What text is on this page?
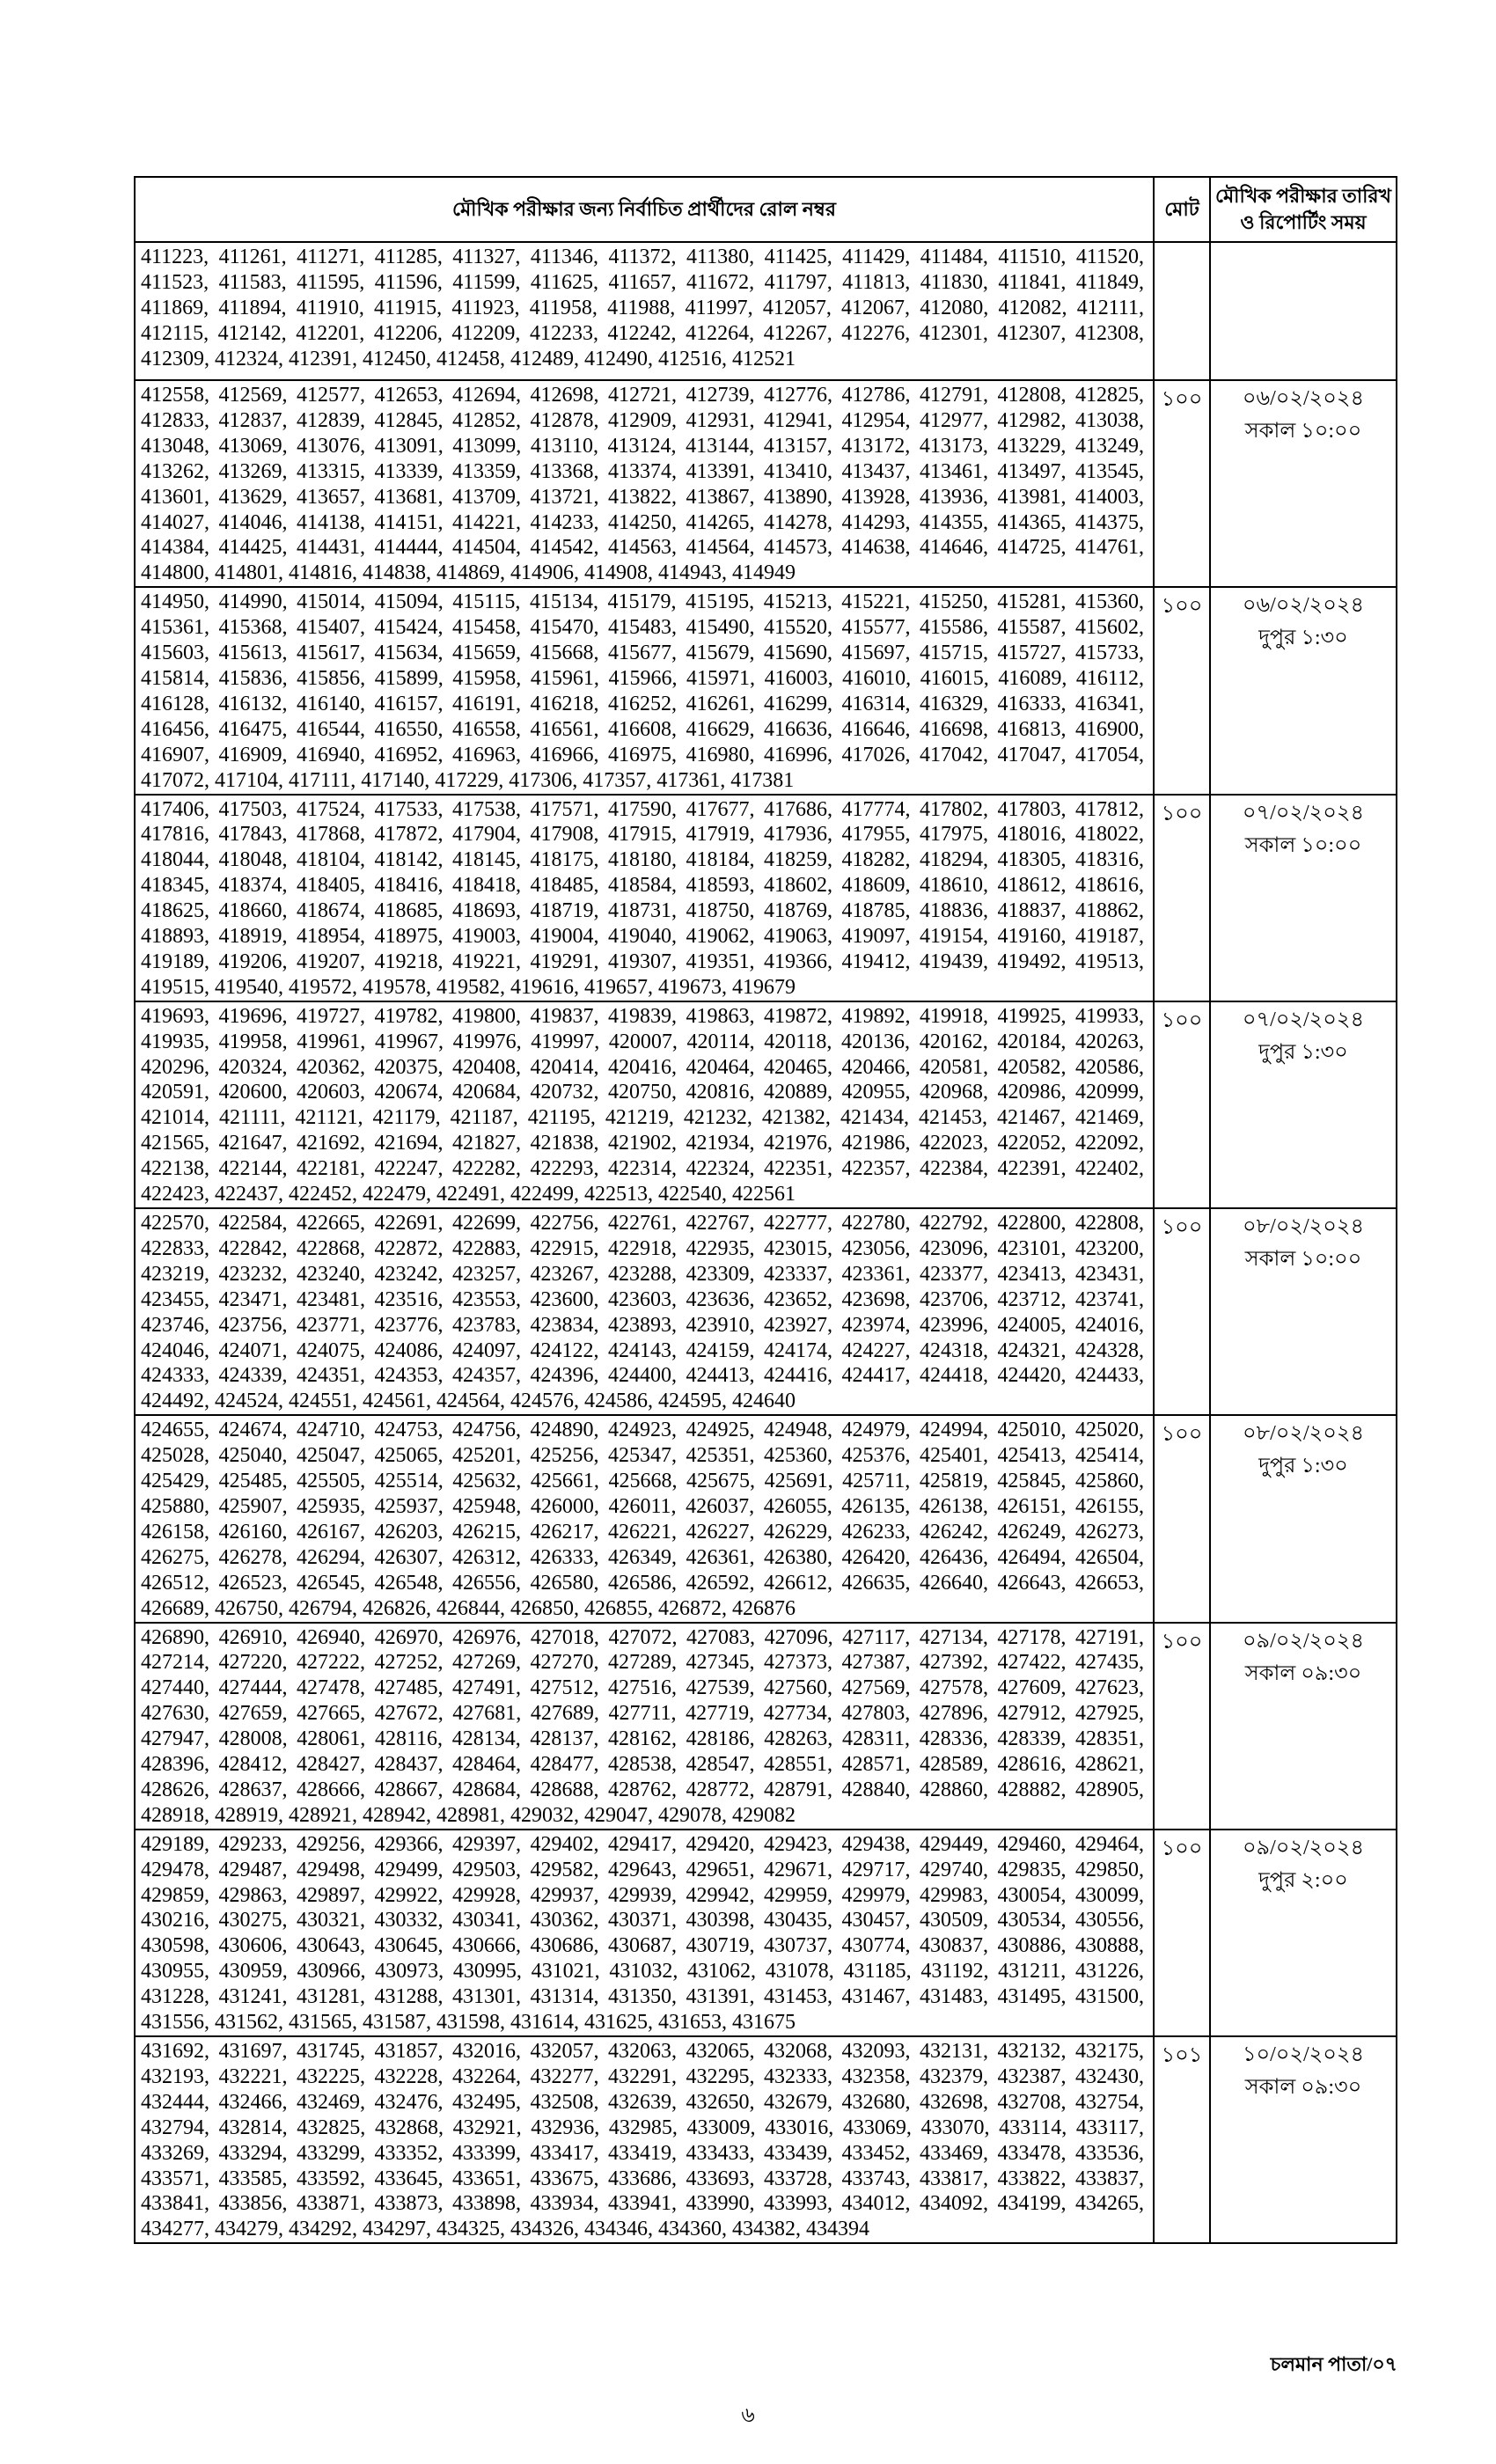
মৌখিক পরীক্ষার জন্য নির্বাচিত প্রার্থীদের রোল নম্বর	মোট	মৌখিক পরীক্ষার তারিখ ও রিপোর্টিং সময়
411223, 411261, 411271, 411285, 411327, 411346, 411372, 411380, 411425, 411429, 411484, 411510, 411520, 411523, 411583, 411595, 411596, 411599, 411625, 411657, 411672, 411797, 411813, 411830, 411841, 411849, 411869, 411894, 411910, 411915, 411923, 411958, 411988, 411997, 412057, 412067, 412080, 412082, 412111, 412115, 412142, 412201, 412206, 412209, 412233, 412242, 412264, 412267, 412276, 412301, 412307, 412308, 412309, 412324, 412391, 412450, 412458, 412489, 412490, 412516, 412521		

412558, 412569, 412577, 412653, 412694, 412698, 412721, 412739, 412776, 412786, 412791, 412808, 412825, 412833, 412837, 412839, 412845, 412852, 412878, 412909, 412931, 412941, 412954, 412977, 412982, 413038, 413048, 413069, 413076, 413091, 413099, 413110, 413124, 413144, 413157, 413172, 413173, 413229, 413249, 413262, 413269, 413315, 413339, 413359, 413368, 413374, 413391, 413410, 413437, 413461, 413497, 413545, 413601, 413629, 413657, 413681, 413709, 413721, 413822, 413867, 413890, 413928, 413936, 413981, 414003, 414027, 414046, 414138, 414151, 414221, 414233, 414250, 414265, 414278, 414293, 414355, 414365, 414375, 414384, 414425, 414431, 414444, 414504, 414542, 414563, 414564, 414573, 414638, 414646, 414725, 414761, 414800, 414801, 414816, 414838, 414869, 414906, 414908, 414943, 414949	১০০	০৬/০২/২০২৪
সকাল ১০:০০

414950, 414990, 415014, 415094, 415115, 415134, 415179, 415195, 415213, 415221, 415250, 415281, 415360, 415361, 415368, 415407, 415424, 415458, 415470, 415483, 415490, 415520, 415577, 415586, 415587, 415602, 415603, 415613, 415617, 415634, 415659, 415668, 415677, 415679, 415690, 415697, 415715, 415727, 415733, 415814, 415836, 415856, 415899, 415958, 415961, 415966, 415971, 416003, 416010, 416015, 416089, 416112, 416128, 416132, 416140, 416157, 416191, 416218, 416252, 416261, 416299, 416314, 416329, 416333, 416341, 416456, 416475, 416544, 416550, 416558, 416561, 416608, 416629, 416636, 416646, 416698, 416813, 416900, 416907, 416909, 416940, 416952, 416963, 416966, 416975, 416980, 416996, 417026, 417042, 417047, 417054, 417072, 417104, 417111, 417140, 417229, 417306, 417357, 417361, 417381	১০০	০৬/০২/২০২৪
দুপুর ১:৩০

417406, 417503, 417524, 417533, 417538, 417571, 417590, 417677, 417686, 417774, 417802, 417803, 417812, 417816, 417843, 417868, 417872, 417904, 417908, 417915, 417919, 417936, 417955, 417975, 418016, 418022, 418044, 418048, 418104, 418142, 418145, 418175, 418180, 418184, 418259, 418282, 418294, 418305, 418316, 418345, 418374, 418405, 418416, 418418, 418485, 418584, 418593, 418602, 418609, 418610, 418612, 418616, 418625, 418660, 418674, 418685, 418693, 418719, 418731, 418750, 418769, 418785, 418836, 418837, 418862, 418893, 418919, 418954, 418975, 419003, 419004, 419040, 419062, 419063, 419097, 419154, 419160, 419187, 419189, 419206, 419207, 419218, 419221, 419291, 419307, 419351, 419366, 419412, 419439, 419492, 419513, 419515, 419540, 419572, 419578, 419582, 419616, 419657, 419673, 419679	১০০	০৭/০২/২০২৪
সকাল ১০:০০

419693, 419696, 419727, 419782, 419800, 419837, 419839, 419863, 419872, 419892, 419918, 419925, 419933, 419935, 419958, 419961, 419967, 419976, 419997, 420007, 420114, 420118, 420136, 420162, 420184, 420263, 420296, 420324, 420362, 420375, 420408, 420414, 420416, 420464, 420465, 420466, 420581, 420582, 420586, 420591, 420600, 420603, 420674, 420684, 420732, 420750, 420816, 420889, 420955, 420968, 420986, 420999, 421014, 421111, 421121, 421179, 421187, 421195, 421219, 421232, 421382, 421434, 421453, 421467, 421469, 421565, 421647, 421692, 421694, 421827, 421838, 421902, 421934, 421976, 421986, 422023, 422052, 422092, 422138, 422144, 422181, 422247, 422282, 422293, 422314, 422324, 422351, 422357, 422384, 422391, 422402, 422423, 422437, 422452, 422479, 422491, 422499, 422513, 422540, 422561	১০০	০৭/০২/২০২৪
দুপুর ১:৩০

422570, 422584, 422665, 422691, 422699, 422756, 422761, 422767, 422777, 422780, 422792, 422800, 422808, 422833, 422842, 422868, 422872, 422883, 422915, 422918, 422935, 423015, 423056, 423096, 423101, 423200, 423219, 423232, 423240, 423242, 423257, 423267, 423288, 423309, 423337, 423361, 423377, 423413, 423431, 423455, 423471, 423481, 423516, 423553, 423600, 423603, 423636, 423652, 423698, 423706, 423712, 423741, 423746, 423756, 423771, 423776, 423783, 423834, 423893, 423910, 423927, 423974, 423996, 424005, 424016, 424046, 424071, 424075, 424086, 424097, 424122, 424143, 424159, 424174, 424227, 424318, 424321, 424328, 424333, 424339, 424351, 424353, 424357, 424396, 424400, 424413, 424416, 424417, 424418, 424420, 424433, 424492, 424524, 424551, 424561, 424564, 424576, 424586, 424595, 424640	১০০	০৮/০২/২০২৪
সকাল ১০:০০

424655, 424674, 424710, 424753, 424756, 424890, 424923, 424925, 424948, 424979, 424994, 425010, 425020, 425028, 425040, 425047, 425065, 425201, 425256, 425347, 425351, 425360, 425376, 425401, 425413, 425414, 425429, 425485, 425505, 425514, 425632, 425661, 425668, 425675, 425691, 425711, 425819, 425845, 425860, 425880, 425907, 425935, 425937, 425948, 426000, 426011, 426037, 426055, 426135, 426138, 426151, 426155, 426158, 426160, 426167, 426203, 426215, 426217, 426221, 426227, 426229, 426233, 426242, 426249, 426273, 426275, 426278, 426294, 426307, 426312, 426333, 426349, 426361, 426380, 426420, 426436, 426494, 426504, 426512, 426523, 426545, 426548, 426556, 426580, 426586, 426592, 426612, 426635, 426640, 426643, 426653, 426689, 426750, 426794, 426826, 426844, 426850, 426855, 426872, 426876	১০০	০৮/০২/২০২৪
দুপুর ১:৩০

426890, 426910, 426940, 426970, 426976, 427018, 427072, 427083, 427096, 427117, 427134, 427178, 427191, 427214, 427220, 427222, 427252, 427269, 427270, 427289, 427345, 427373, 427387, 427392, 427422, 427435, 427440, 427444, 427478, 427485, 427491, 427512, 427516, 427539, 427560, 427569, 427578, 427609, 427623, 427630, 427659, 427665, 427672, 427681, 427689, 427711, 427719, 427734, 427803, 427896, 427912, 427925, 427947, 428008, 428061, 428116, 428134, 428137, 428162, 428186, 428263, 428311, 428336, 428339, 428351, 428396, 428412, 428427, 428437, 428464, 428477, 428538, 428547, 428551, 428571, 428589, 428616, 428621, 428626, 428637, 428666, 428667, 428684, 428688, 428762, 428772, 428791, 428840, 428860, 428882, 428905, 428918, 428919, 428921, 428942, 428981, 429032, 429047, 429078, 429082	১০০	০৯/০২/২০২৪
সকাল ০৯:৩০

429189, 429233, 429256, 429366, 429397, 429402, 429417, 429420, 429423, 429438, 429449, 429460, 429464, 429478, 429487, 429498, 429499, 429503, 429582, 429643, 429651, 429671, 429717, 429740, 429835, 429850, 429859, 429863, 429897, 429922, 429928, 429937, 429939, 429942, 429959, 429979, 429983, 430054, 430099, 430216, 430275, 430321, 430332, 430341, 430362, 430371, 430398, 430435, 430457, 430509, 430534, 430556, 430598, 430606, 430643, 430645, 430666, 430686, 430687, 430719, 430737, 430774, 430837, 430886, 430888, 430955, 430959, 430966, 430973, 430995, 431021, 431032, 431062, 431078, 431185, 431192, 431211, 431226, 431228, 431241, 431281, 431288, 431301, 431314, 431350, 431391, 431453, 431467, 431483, 431495, 431500, 431556, 431562, 431565, 431587, 431598, 431614, 431625, 431653, 431675	১০০	০৯/০২/২০২৪
দুপুর ২:০০

431692, 431697, 431745, 431857, 432016, 432057, 432063, 432065, 432068, 432093, 432131, 432132, 432175, 432193, 432221, 432225, 432228, 432264, 432277, 432291, 432295, 432333, 432358, 432379, 432387, 432430, 432444, 432466, 432469, 432476, 432495, 432508, 432639, 432650, 432679, 432680, 432698, 432708, 432754, 432794, 432814, 432825, 432868, 432921, 432936, 432985, 433009, 433016, 433069, 433070, 433114, 433117, 433269, 433294, 433299, 433352, 433399, 433417, 433419, 433433, 433439, 433452, 433469, 433478, 433536, 433571, 433585, 433592, 433645, 433651, 433675, 433686, 433693, 433728, 433743, 433817, 433822, 433837, 433841, 433856, 433871, 433873, 433898, 433934, 433941, 433990, 433993, 434012, 434092, 434199, 434265, 434277, 434279, 434292, 434297, 434325, 434326, 434346, 434360, 434382, 434394	১০১	১০/০২/২০২৪
সকাল ০৯:৩০
চলমান পাতা/০৭
৬
